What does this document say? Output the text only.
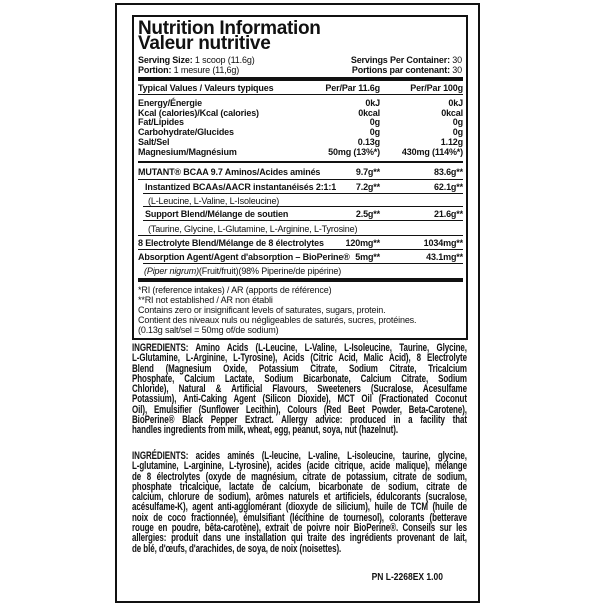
Nutrition Information
Valeur nutritive
Serving Size: 1 scoop (11.6g)
Portion: 1 mesure (11,6g)
Servings Per Container: 30
Portions par contenant: 30
Typical Values / Valeurs typiques	Per/Par 11.6g	Per/Par 100g
Energy/Énergie	0kJ	0kJ
Kcal (calories)/Kcal (calories)	0kcal	0kcal
Fat/Lipides	0g	0g
Carbohydrate/Glucides	0g	0g
Salt/Sel	0.13g	1.12g
Magnesium/Magnésium	50mg (13%*) 430mg (114%*)
MUTANT® BCAA 9.7 Aminos/Acides aminés	9.7g**	83.6g**
Instantized BCAAs/AACR instantanéisés 2:1:1 7.2g**	62.1g**
(L-Leucine, L-Valine, L-Isoleucine)
Support Blend/Mélange de soutien	2.5g**	21.6g**
(Taurine, Glycine, L-Glutamine, L-Arginine, L-Tyrosine)
8 Electrolyte Blend/Mélange de 8 électrolytes 120mg**	1034mg**
Absorption Agent/Agent d'absorption – BioPerine® 5mg**	43.1mg**
(Piper nigrum)(Fruit/fruit)(98% Piperine/de pipérine)
*RI (reference intakes) / AR (apports de référence)
**RI not established / AR non établi
Contains zero or insignificant levels of saturates, sugars, protein.
Contient des niveaux nuls ou négligeables de saturés, sucres, protéines.
(0.13g salt/sel = 50mg of/de sodium)
INGREDIENTS: Amino Acids (L-Leucine, L-Valine, L-Isoleucine, Taurine, Glycine,
L-Glutamine, L-Arginine, L-Tyrosine), Acids (Citric Acid, Malic Acid), 8 Electrolyte
Blend (Magnesium Oxide, Potassium Citrate, Sodium Citrate, Tricalcium
Phosphate, Calcium Lactate, Sodium Bicarbonate, Calcium Citrate, Sodium
Chloride), Natural & Artificial Flavours, Sweeteners (Sucralose, Acesulfame
Potassium), Anti-Caking Agent (Silicon Dioxide), MCT Oil (Fractionated Coconut
Oil), Emulsifier (Sunflower Lecithin), Colours (Red Beet Powder, Beta-Carotene),
BioPerine® Black Pepper Extract. Allergy advice: produced in a facility that
handles ingredients from milk, wheat, egg, peanut, soya, nut (hazelnut).
INGRÉDIENTS: acides aminés (L-leucine, L-valine, L-isoleucine, taurine, glycine,
L-glutamine, L-arginine, L-tyrosine), acides (acide citrique, acide malique), mélange
de 8 électrolytes (oxyde de magnésium, citrate de potassium, citrate de sodium,
phosphate tricalcique, lactate de calcium, bicarbonate de sodium, citrate de
calcium, chlorure de sodium), arômes naturels et artificiels, édulcorants (sucralose,
acésulfame-K), agent anti-agglomérant (dioxyde de silicium), huile de TCM (huile de
noix de coco fractionnée), émulsifiant (lécithine de tournesol), colorants (betterave
rouge en poudre, bêta-carotène), extrait de poivre noir BioPerine®. Conseils sur les
allergies: produit dans une installation qui traite des ingrédients provenant de lait,
de blé, d'œufs, d'arachides, de soya, de noix (noisettes).
PN L-2268EX 1.00
